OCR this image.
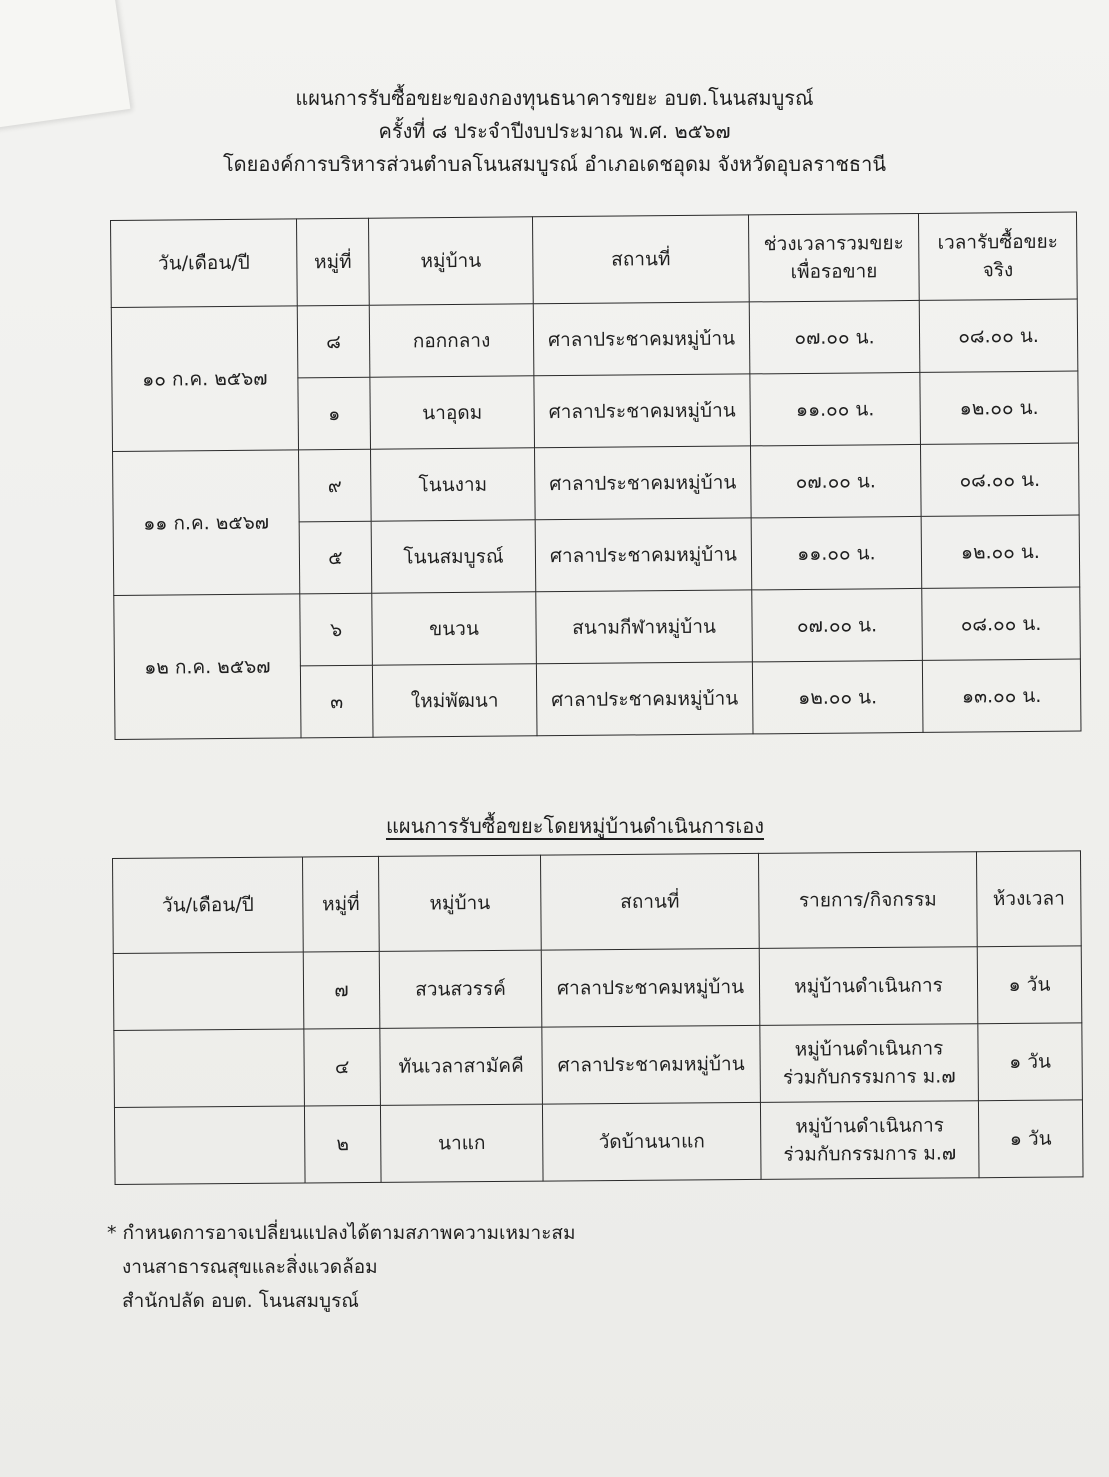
แผนการรับซื้อขยะของกองทุนธนาคารขยะ อบต.โนนสมบูรณ์
ครั้งที่ ๘ ประจำปีงบประมาณ พ.ศ. ๒๕๖๗
โดยองค์การบริหารส่วนตำบลโนนสมบูรณ์ อำเภอเดชอุดม จังหวัดอุบลราชธานี
วัน/เดือน/ปี	หมู่ที่	หมู่บ้าน	สถานที่	ช่วงเวลารวมขยะเพื่อรอขาย	เวลารับซื้อขยะจริง
๑๐ ก.ค. ๒๕๖๗	๘	กอกกลาง	ศาลาประชาคมหมู่บ้าน	๐๗.๐๐ น.	๐๘.๐๐ น.
	๑	นาอุดม	ศาลาประชาคมหมู่บ้าน	๑๑.๐๐ น.	๑๒.๐๐ น.
๑๑ ก.ค. ๒๕๖๗	๙	โนนงาม	ศาลาประชาคมหมู่บ้าน	๐๗.๐๐ น.	๐๘.๐๐ น.
	๕	โนนสมบูรณ์	ศาลาประชาคมหมู่บ้าน	๑๑.๐๐ น.	๑๒.๐๐ น.
๑๒ ก.ค. ๒๕๖๗	๖	ขนวน	สนามกีฬาหมู่บ้าน	๐๗.๐๐ น.	๐๘.๐๐ น.
	๓	ใหม่พัฒนา	ศาลาประชาคมหมู่บ้าน	๑๒.๐๐ น.	๑๓.๐๐ น.
แผนการรับซื้อขยะโดยหมู่บ้านดำเนินการเอง
วัน/เดือน/ปี	หมู่ที่	หมู่บ้าน	สถานที่	รายการ/กิจกรรม	ห้วงเวลา
	๗	สวนสวรรค์	ศาลาประชาคมหมู่บ้าน	หมู่บ้านดำเนินการ	๑ วัน
	๔	ทันเวลาสามัคคี	ศาลาประชาคมหมู่บ้าน	หมู่บ้านดำเนินการ
ร่วมกับกรรมการ ม.๗	๑ วัน
	๒	นาแก	วัดบ้านนาแก	หมู่บ้านดำเนินการ
ร่วมกับกรรมการ ม.๗	๑ วัน
* กำหนดการอาจเปลี่ยนแปลงได้ตามสภาพความเหมาะสม
งานสาธารณสุขและสิ่งแวดล้อม
สำนักปลัด อบต. โนนสมบูรณ์
